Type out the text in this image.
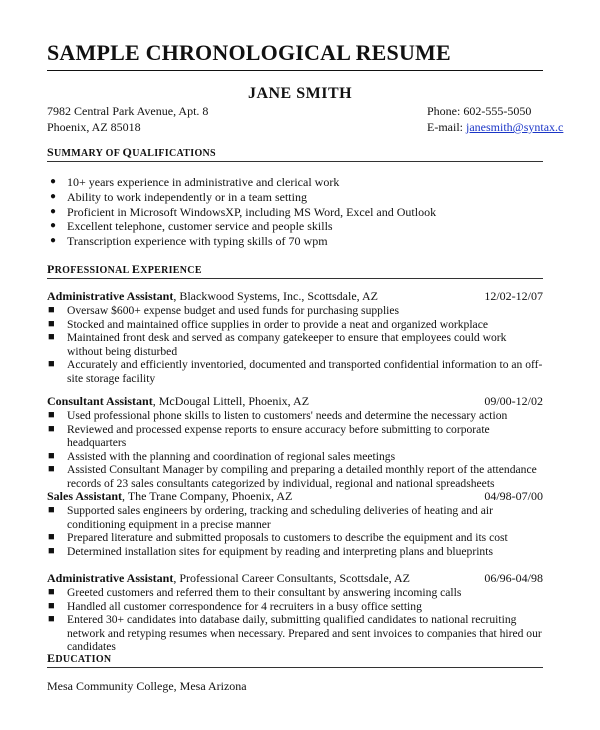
SAMPLE CHRONOLOGICAL RESUME
JANE SMITH
7982 Central Park Avenue, Apt. 8
Phoenix, AZ 85018
Phone: 602-555-5050
E-mail: janesmith@syntax.c
SUMMARY OF QUALIFICATIONS
● 10+ years experience in administrative and clerical work
● Ability to work independently or in a team setting
● Proficient in Microsoft WindowsXP, including MS Word, Excel and Outlook
● Excellent telephone, customer service and people skills
● Transcription experience with typing skills of 70 wpm
PROFESSIONAL EXPERIENCE
Administrative Assistant, Blackwood Systems, Inc., Scottsdale, AZ	12/02-12/07
■ Oversaw $600+ expense budget and used funds for purchasing supplies
■ Stocked and maintained office supplies in order to provide a neat and organized workplace
■ Maintained front desk and served as company gatekeeper to ensure that employees could work without being disturbed
■ Accurately and efficiently inventoried, documented and transported confidential information to an off-site storage facility
Consultant Assistant, McDougal Littell, Phoenix, AZ	09/00-12/02
■ Used professional phone skills to listen to customers' needs and determine the necessary action
■ Reviewed and processed expense reports to ensure accuracy before submitting to corporate headquarters
■ Assisted with the planning and coordination of regional sales meetings
■ Assisted Consultant Manager by compiling and preparing a detailed monthly report of the attendance records of 23 sales consultants categorized by individual, regional and national spreadsheets
Sales Assistant, The Trane Company, Phoenix, AZ	04/98-07/00
■ Supported sales engineers by ordering, tracking and scheduling deliveries of heating and air conditioning equipment in a precise manner
■ Prepared literature and submitted proposals to customers to describe the equipment and its cost
■ Determined installation sites for equipment by reading and interpreting plans and blueprints
Administrative Assistant, Professional Career Consultants, Scottsdale, AZ	06/96-04/98
■ Greeted customers and referred them to their consultant by answering incoming calls
■ Handled all customer correspondence for 4 recruiters in a busy office setting
■ Entered 30+ candidates into database daily, submitting qualified candidates to national recruiting network and retyping resumes when necessary. Prepared and sent invoices to companies that hired our candidates
EDUCATION
Mesa Community College, Mesa Arizona
